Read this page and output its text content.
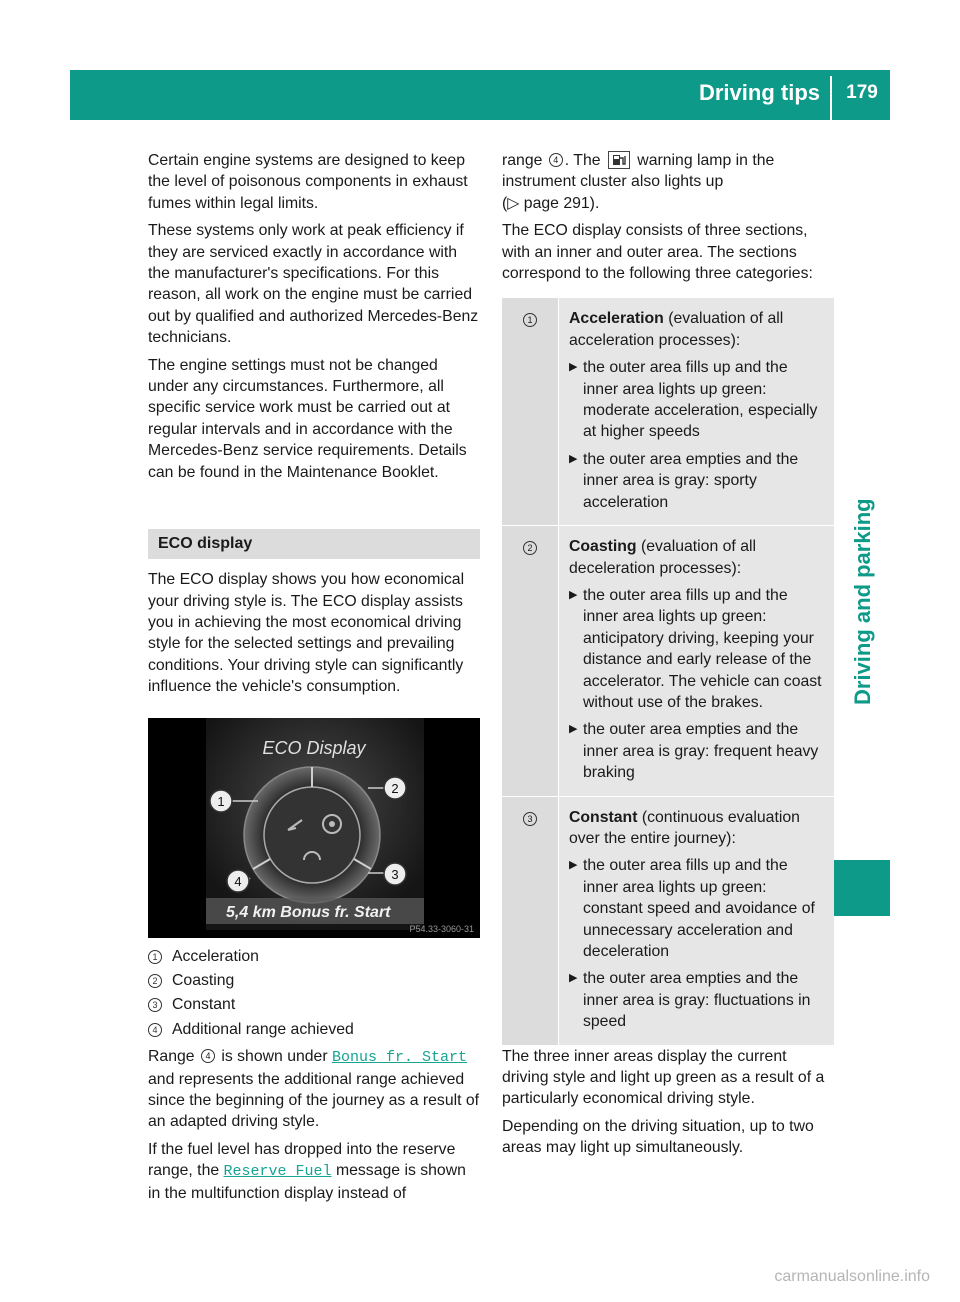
Driving tips	179
Driving and parking

Certain engine systems are designed to keep the level of poisonous components in exhaust fumes within legal limits.

These systems only work at peak efficiency if they are serviced exactly in accordance with the manufacturer's specifications. For this reason, all work on the engine must be carried out by qualified and authorized Mercedes-Benz technicians.

The engine settings must not be changed under any circumstances. Furthermore, all specific service work must be carried out at regular intervals and in accordance with the Mercedes-Benz service requirements. Details can be found in the Maintenance Booklet.

ECO display

The ECO display shows you how economical your driving style is. The ECO display assists you in achieving the most economical driving style for the selected settings and prevailing conditions. Your driving style can significantly influence the vehicle's consumption.

ECO Display
1
2
3
4
5,4 km Bonus fr. Start
P54.33-3060-31
1 Acceleration
2 Coasting
3 Constant
4 Additional range achieved

Range 4 is shown under Bonus fr. Start and represents the additional range achieved since the beginning of the journey as a result of an adapted driving style.

If the fuel level has dropped into the reserve range, the Reserve Fuel message is shown in the multifunction display instead of

range 4 . The warning lamp in the instrument cluster also lights up
(▷ page 291).

The ECO display consists of three sections, with an inner and outer area. The sections correspond to the following three categories:

1	Acceleration (evaluation of all acceleration processes):
▶ the outer area fills up and the inner area lights up green: moderate acceleration, especially at higher speeds
▶ the outer area empties and the inner area is gray: sporty acceleration
2	Coasting (evaluation of all deceleration processes):
▶ the outer area fills up and the inner area lights up green: anticipatory driving, keeping your distance and early release of the accelerator. The vehicle can coast without use of the brakes.
▶ the outer area empties and the inner area is gray: frequent heavy braking
3	Constant (continuous evaluation over the entire journey):
▶ the outer area fills up and the inner area lights up green: constant speed and avoidance of unnecessary acceleration and deceleration
▶ the outer area empties and the inner area is gray: fluctuations in speed

The three inner areas display the current driving style and light up green as a result of a particularly economical driving style.

Depending on the driving situation, up to two areas may light up simultaneously.

carmanualsonline.info
